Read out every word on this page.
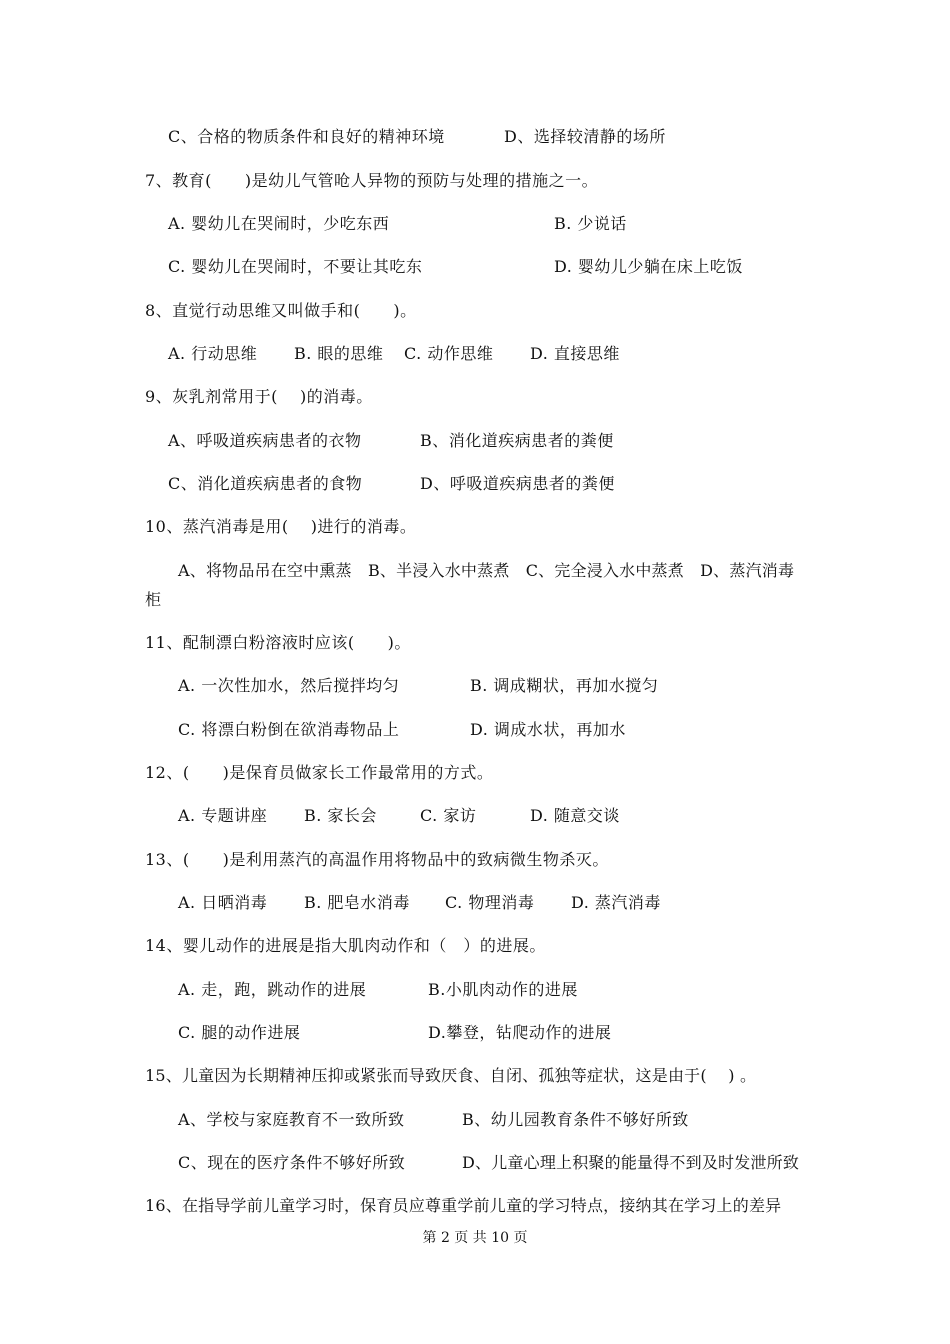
C、合格的物质条件和良好的精神环境	D、选择较清静的场所
7、教育(　　)是幼儿气管呛人异物的预防与处理的措施之一。
A. 婴幼儿在哭闹时，少吃东西	B. 少说话
C. 婴幼儿在哭闹时，不要让其吃东	D. 婴幼儿少躺在床上吃饭
8、直觉行动思维又叫做手和(　　)。
A. 行动思维 B. 眼的思维 C. 动作思维 D. 直接思维
9、灰乳剂常用于(　 )的消毒。
A、呼吸道疾病患者的衣物	B、消化道疾病患者的粪便
C、消化道疾病患者的食物	D、呼吸道疾病患者的粪便
10、蒸汽消毒是用(　 )进行的消毒。
A、将物品吊在空中熏蒸　B、半浸入水中蒸煮　C、完全浸入水中蒸煮　D、蒸汽消毒
柜
11、配制漂白粉溶液时应该(　　)。
A. 一次性加水，然后搅拌均匀	B. 调成糊状，再加水搅匀
C. 将漂白粉倒在欲消毒物品上	D. 调成水状，再加水
12、(　　)是保育员做家长工作最常用的方式。
A. 专题讲座 B. 家长会	C. 家访	D. 随意交谈
13、(　　)是利用蒸汽的高温作用将物品中的致病微生物杀灭。
A. 日晒消毒 B. 肥皂水消毒 C. 物理消毒 D. 蒸汽消毒
14、婴儿动作的进展是指大肌肉动作和（　）的进展。
A. 走，跑，跳动作的进展	B.小肌肉动作的进展
C. 腿的动作进展	D.攀登，钻爬动作的进展
15、儿童因为长期精神压抑或紧张而导致厌食、自闭、孤独等症状，这是由于(　 ) 。
A、学校与家庭教育不一致所致	B、幼儿园教育条件不够好所致
C、现在的医疗条件不够好所致	D、儿童心理上积聚的能量得不到及时发泄所致
16、在指导学前儿童学习时，保育员应尊重学前儿童的学习特点，接纳其在学习上的差异
第 2 页 共 10 页
